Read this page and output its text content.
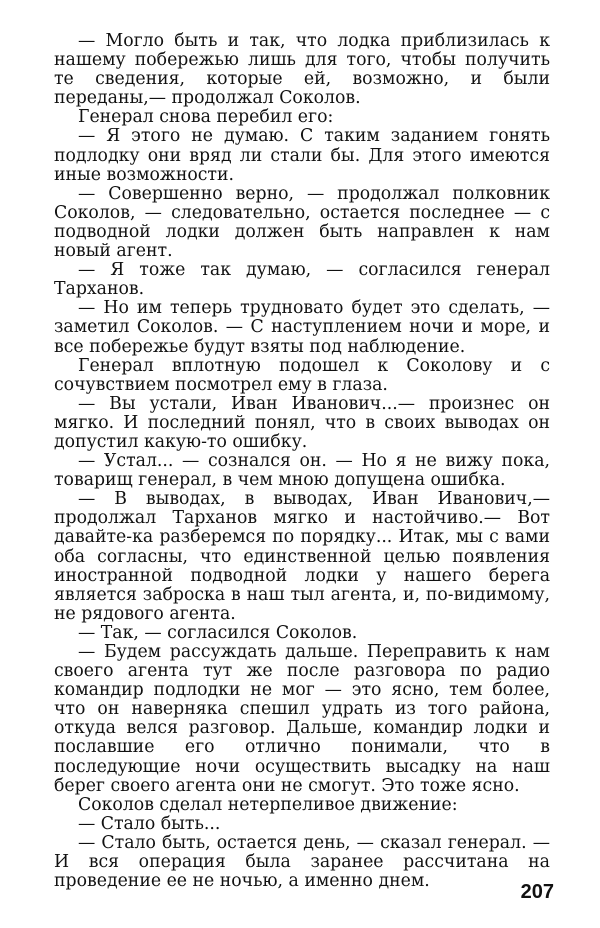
— Могло быть и так, что лодка приблизилась к нашему побережью лишь для того, чтобы получить те сведения, которые ей, возможно, и были переданы,— продолжал Соколов.

Генерал снова перебил его:

— Я этого не думаю. С таким заданием гонять подлодку они вряд ли стали бы. Для этого имеются иные возможности.

— Совершенно верно, — продолжал полковник Соколов, — следовательно, остается последнее — с подводной лодки должен быть направлен к нам новый агент.

— Я тоже так думаю, — согласился генерал Тарханов.

— Но им теперь трудновато будет это сделать, — заметил Соколов. — С наступлением ночи и море, и все побережье будут взяты под наблюдение.

Генерал вплотную подошел к Соколову и с сочувствием посмотрел ему в глаза.

— Вы устали, Иван Иванович...— произнес он мягко. И последний понял, что в своих выводах он допустил какую-то ошибку.

— Устал... — сознался он. — Но я не вижу пока, товарищ генерал, в чем мною допущена ошибка.

— В выводах, в выводах, Иван Иванович,— продолжал Тарханов мягко и настойчиво.— Вот давайте-ка разберемся по порядку... Итак, мы с вами оба согласны, что единственной целью появления иностранной подводной лодки у нашего берега является заброска в наш тыл агента, и, по-видимому, не рядового агента.

— Так, — согласился Соколов.

— Будем рассуждать дальше. Переправить к нам своего агента тут же после разговора по радио командир подлодки не мог — это ясно, тем более, что он наверняка спешил удрать из того района, откуда велся разговор. Дальше, командир лодки и пославшие его отлично понимали, что в последующие ночи осуществить высадку на наш берег своего агента они не смогут. Это тоже ясно.

Соколов сделал нетерпеливое движение:

— Стало быть...

— Стало быть, остается день, — сказал генерал. — И вся операция была заранее рассчитана на проведение ее не ночью, а именно днем.	207
